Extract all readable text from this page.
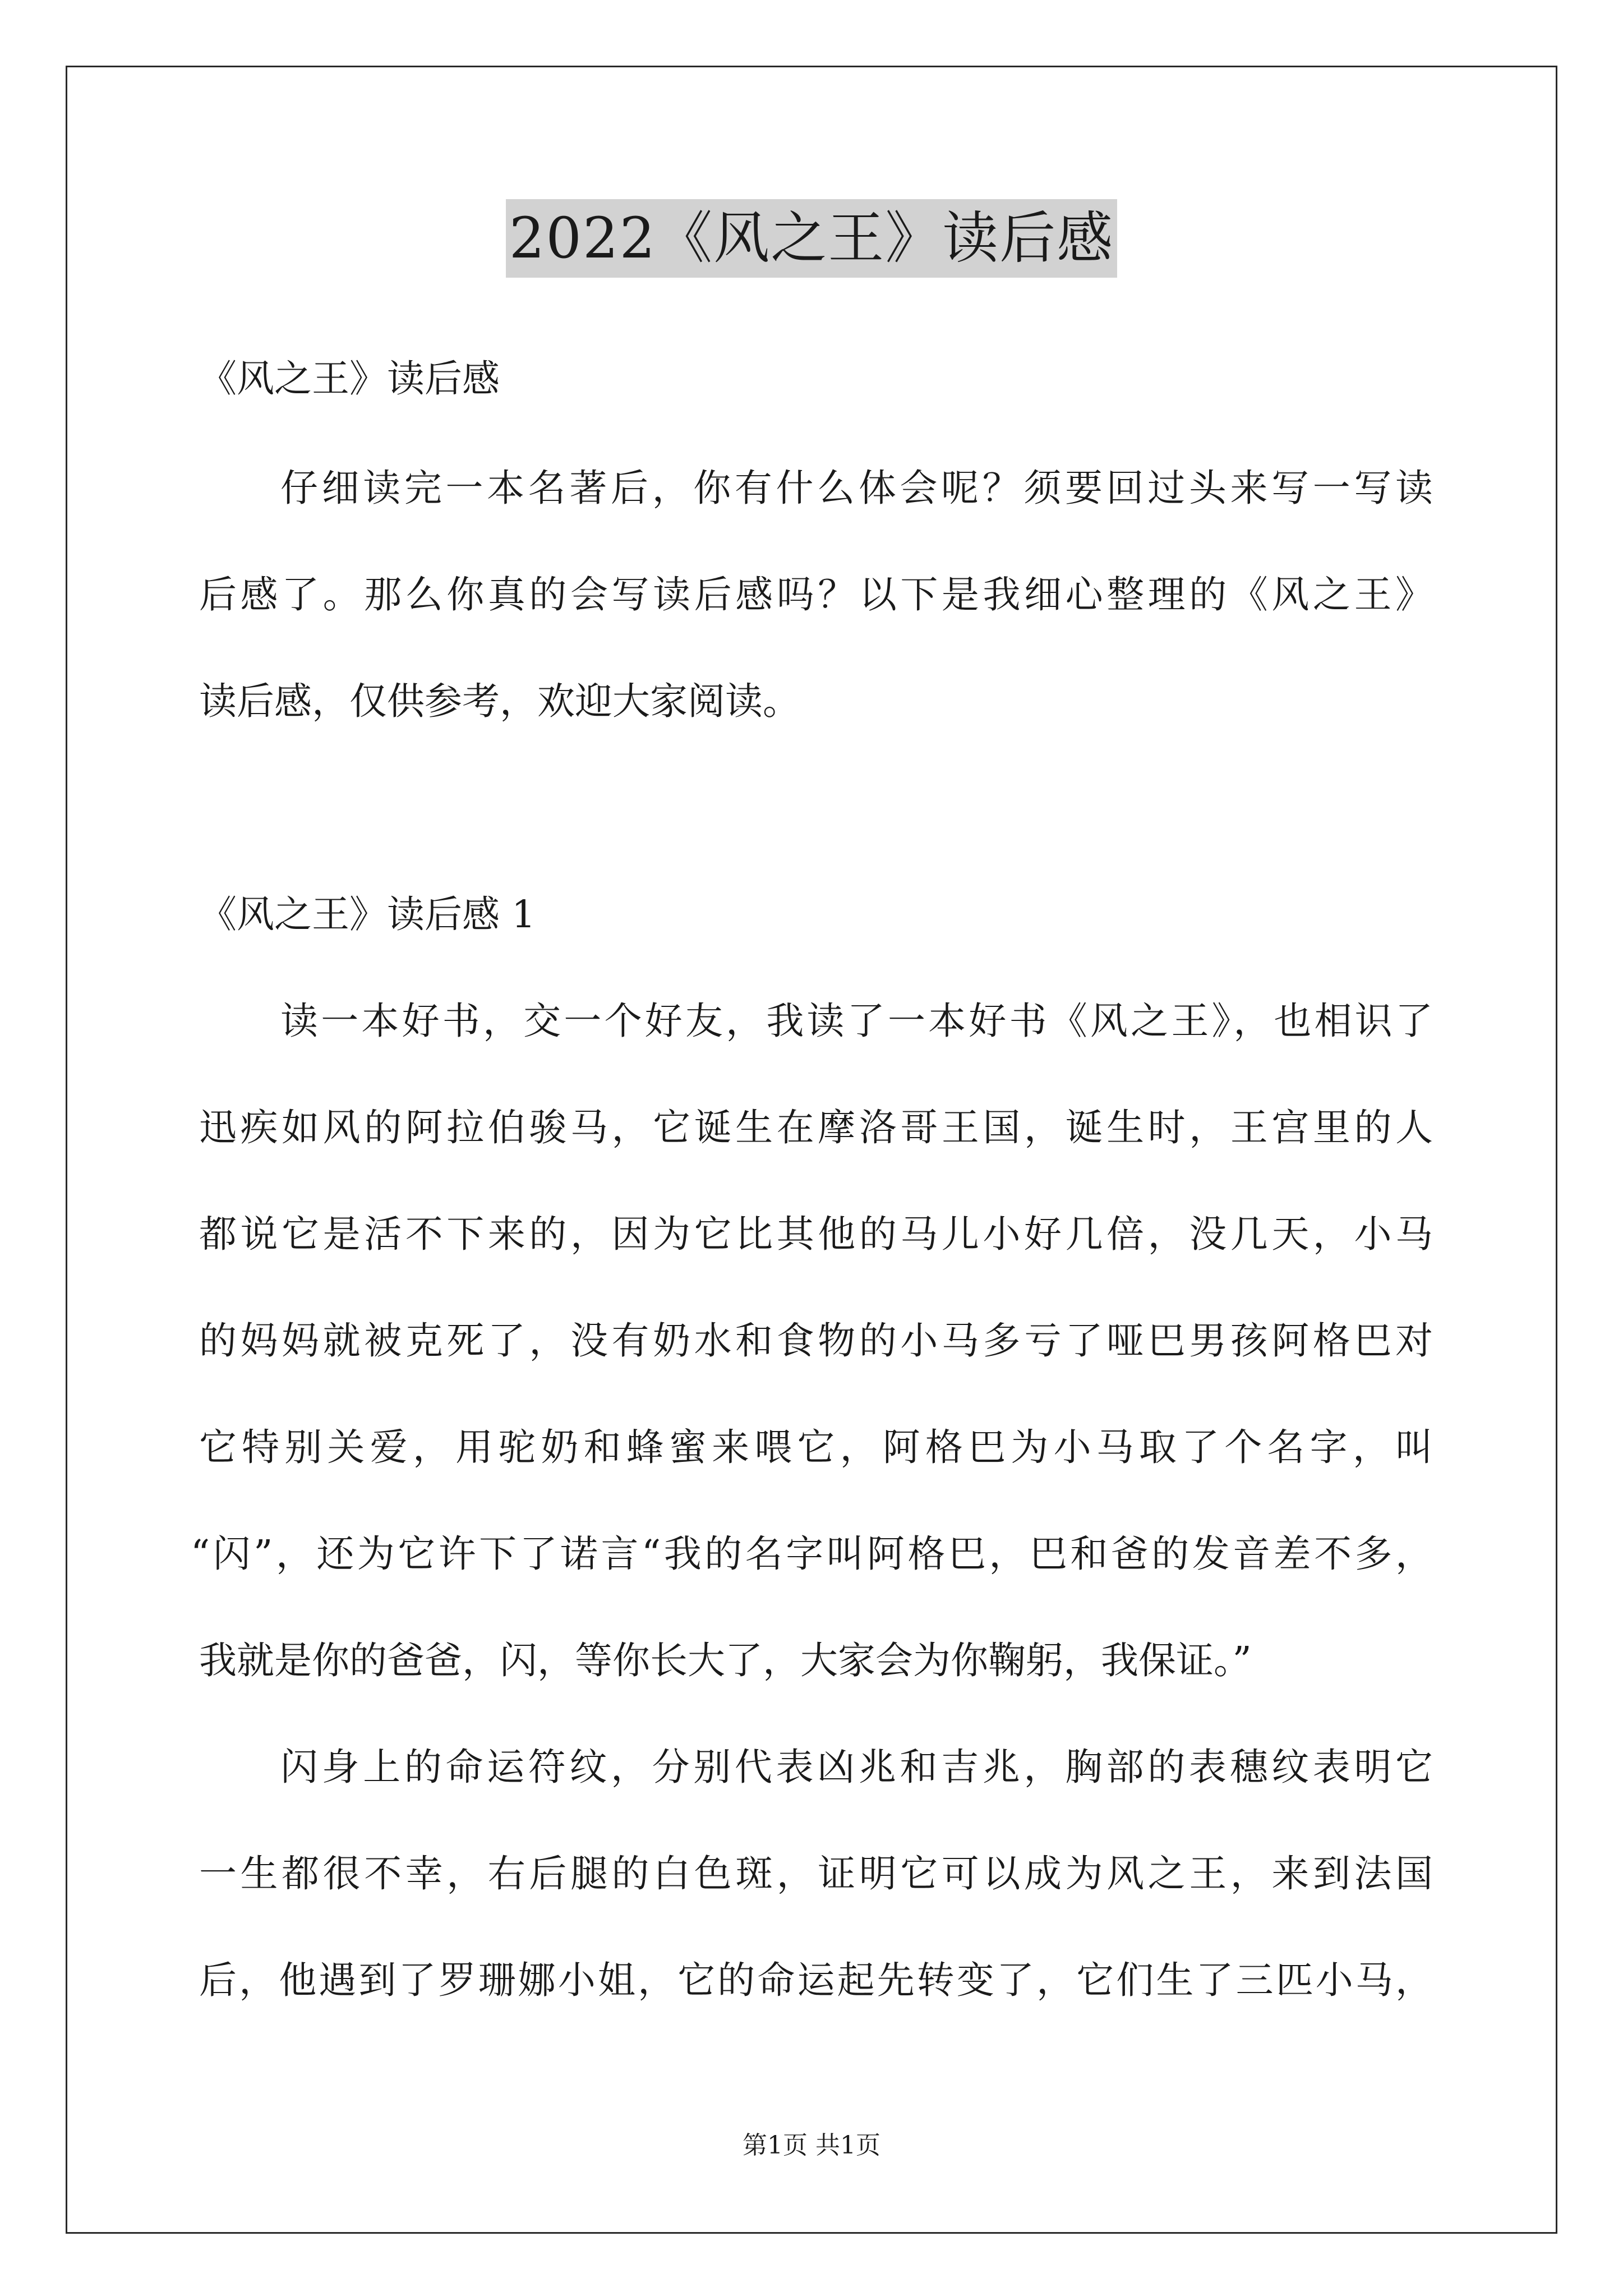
2022《风之王》读后感
《风之王》读后感
仔细读完一本名著后，你有什么体会呢？须要回过头来写一写读
后感了。那么你真的会写读后感吗？以下是我细心整理的《风之王》
读后感，仅供参考，欢迎大家阅读。
《风之王》读后感 1
读一本好书，交一个好友，我读了一本好书《风之王》，也相识了
迅疾如风的阿拉伯骏马，它诞生在摩洛哥王国，诞生时，王宫里的人
都说它是活不下来的，因为它比其他的马儿小好几倍，没几天，小马
的妈妈就被克死了，没有奶水和食物的小马多亏了哑巴男孩阿格巴对
它特别关爱，用驼奶和蜂蜜来喂它，阿格巴为小马取了个名字，叫
“闪”，还为它许下了诺言“我的名字叫阿格巴，巴和爸的发音差不多，
我就是你的爸爸，闪，等你长大了，大家会为你鞠躬，我保证。”
闪身上的命运符纹，分别代表凶兆和吉兆，胸部的表穗纹表明它
一生都很不幸，右后腿的白色斑，证明它可以成为风之王，来到法国
后，他遇到了罗珊娜小姐，它的命运起先转变了，它们生了三匹小马，
第1页 共1页
